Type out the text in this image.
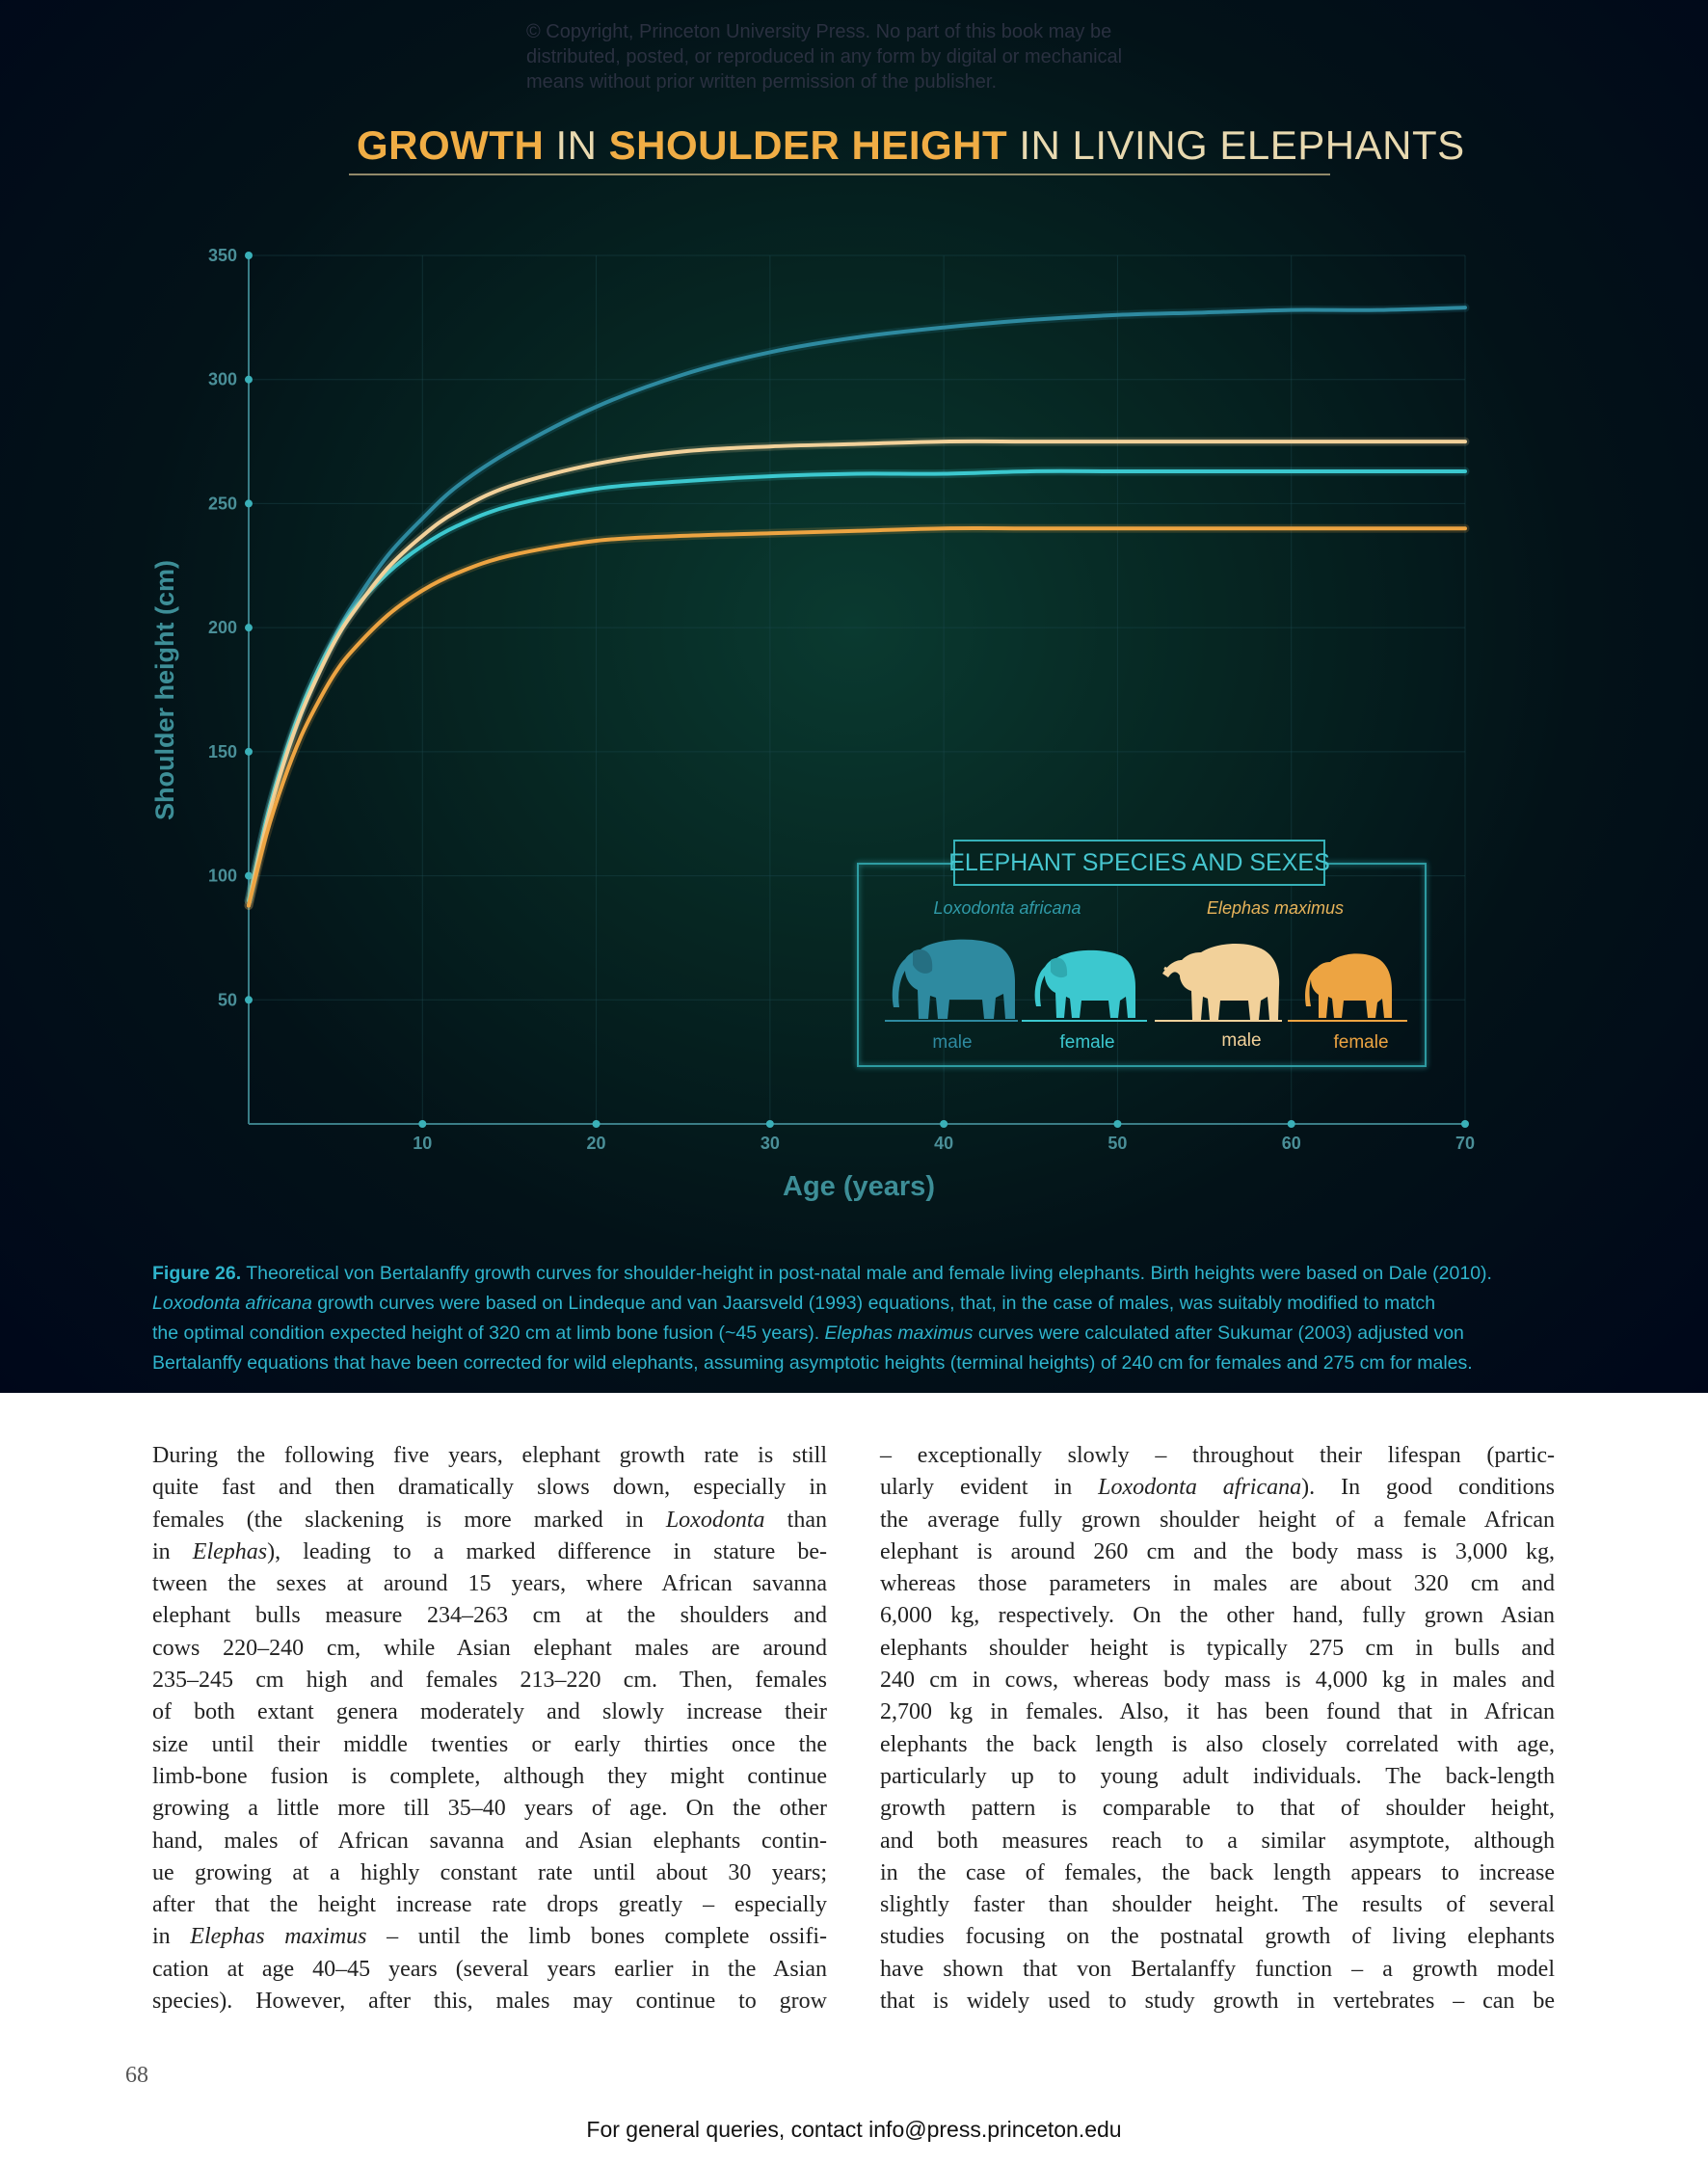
© Copyright, Princeton University Press. No part of this book may be
distributed, posted, or reproduced in any form by digital or mechanical
means without prior written permission of the publisher.
GROWTH IN SHOULDER HEIGHT IN LIVING ELEPHANTS
50
100
150
200
250
300
350
10	20	30	40	50	60	70
Age (years)
Shoulder height (cm)
ELEPHANT SPECIES AND SEXES
Loxodonta africana	Elephas maximus
male	female	male	female
Figure 26. Theoretical von Bertalanffy growth curves for shoulder-height in post-natal male and female living elephants. Birth heights were based on Dale (2010).
Loxodonta africana growth curves were based on Lindeque and van Jaarsveld (1993) equations, that, in the case of males, was suitably modified to match
the optimal condition expected height of 320 cm at limb bone fusion (~45 years). Elephas maximus curves were calculated after Sukumar (2003) adjusted von
Bertalanffy equations that have been corrected for wild elephants, assuming asymptotic heights (terminal heights) of 240 cm for females and 275 cm for males.
During the following five years, elephant growth rate is still
quite fast and then dramatically slows down, especially in
females (the slackening is more marked in Loxodonta than
in Elephas), leading to a marked difference in stature be-
tween the sexes at around 15 years, where African savanna
elephant bulls measure 234–263 cm at the shoulders and
cows 220–240 cm, while Asian elephant males are around
235–245 cm high and females 213–220 cm. Then, females
of both extant genera moderately and slowly increase their
size until their middle twenties or early thirties once the
limb-bone fusion is complete, although they might continue
growing a little more till 35–40 years of age. On the other
hand, males of African savanna and Asian elephants contin-
ue growing at a highly constant rate until about 30 years;
after that the height increase rate drops greatly – especially
in Elephas maximus – until the limb bones complete ossifi-
cation at age 40–45 years (several years earlier in the Asian
species). However, after this, males may continue to grow
– exceptionally slowly – throughout their lifespan (partic-
ularly evident in Loxodonta africana). In good conditions
the average fully grown shoulder height of a female African
elephant is around 260 cm and the body mass is 3,000 kg,
whereas those parameters in males are about 320 cm and
6,000 kg, respectively. On the other hand, fully grown Asian
elephants shoulder height is typically 275 cm in bulls and
240 cm in cows, whereas body mass is 4,000 kg in males and
2,700 kg in females. Also, it has been found that in African
elephants the back length is also closely correlated with age,
particularly up to young adult individuals. The back-length
growth pattern is comparable to that of shoulder height,
and both measures reach to a similar asymptote, although
in the case of females, the back length appears to increase
slightly faster than shoulder height. The results of several
studies focusing on the postnatal growth of living elephants
have shown that von Bertalanffy function – a growth model
that is widely used to study growth in vertebrates – can be
68
For general queries, contact info@press.princeton.edu
